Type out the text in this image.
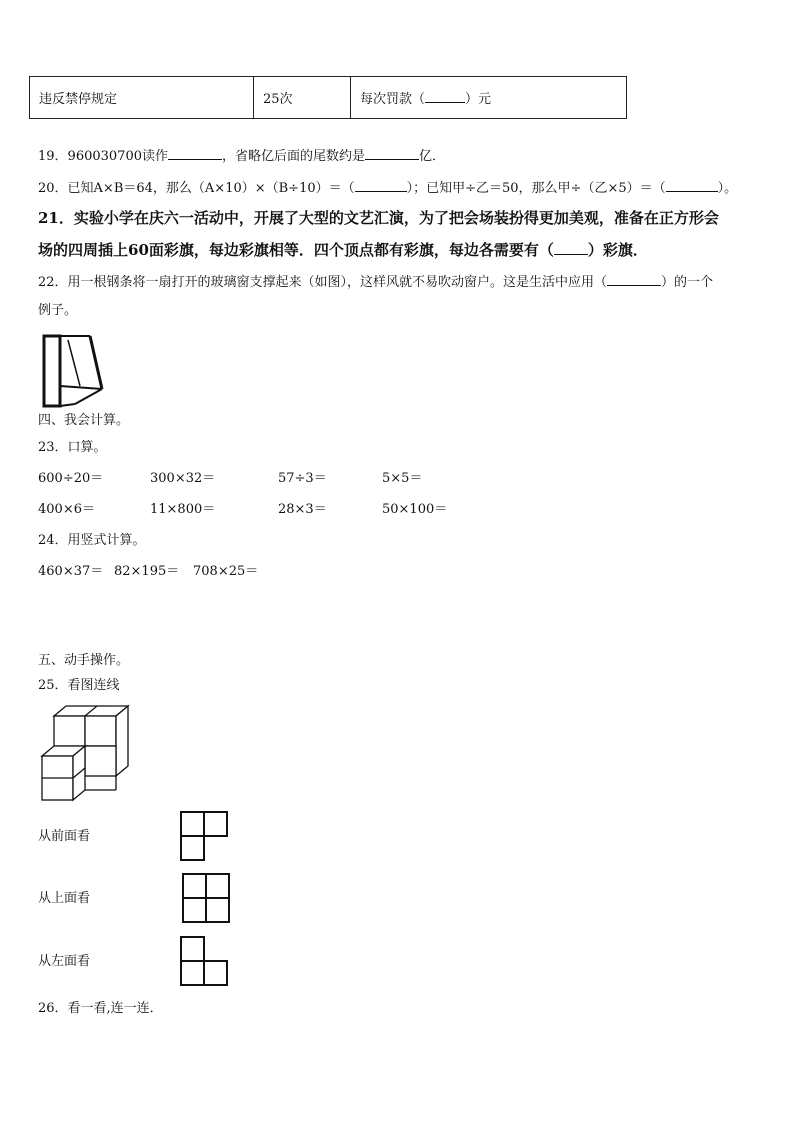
违反禁停规定	25次	每次罚款（	）元
19．960030700读作	，省略亿后面的尾数约是	亿．
20．已知A×B＝64，那么（A×10）×（B÷10）＝（	）；已知甲÷乙＝50，那么甲÷（乙×5）＝（	）。
21．实验小学在庆六一活动中，开展了大型的文艺汇演，为了把会场装扮得更加美观，准备在正方形会
场的四周插上60面彩旗，每边彩旗相等．四个顶点都有彩旗，每边各需要有（ ）彩旗．
22．用一根钢条将一扇打开的玻璃窗支撑起来（如图），这样风就不易吹动窗户。这是生活中应用（	）的一个
例子。
四、我会计算。
23．口算。
600÷20＝	300×32＝	57÷3＝	5×5＝
400×6＝	11×800＝	28×3＝	50×100＝
24．用竖式计算。
460×37＝ 82×195＝ 708×25＝
五、动手操作。
25．看图连线
从前面看
从上面看
从左面看
26．看一看,连一连．
